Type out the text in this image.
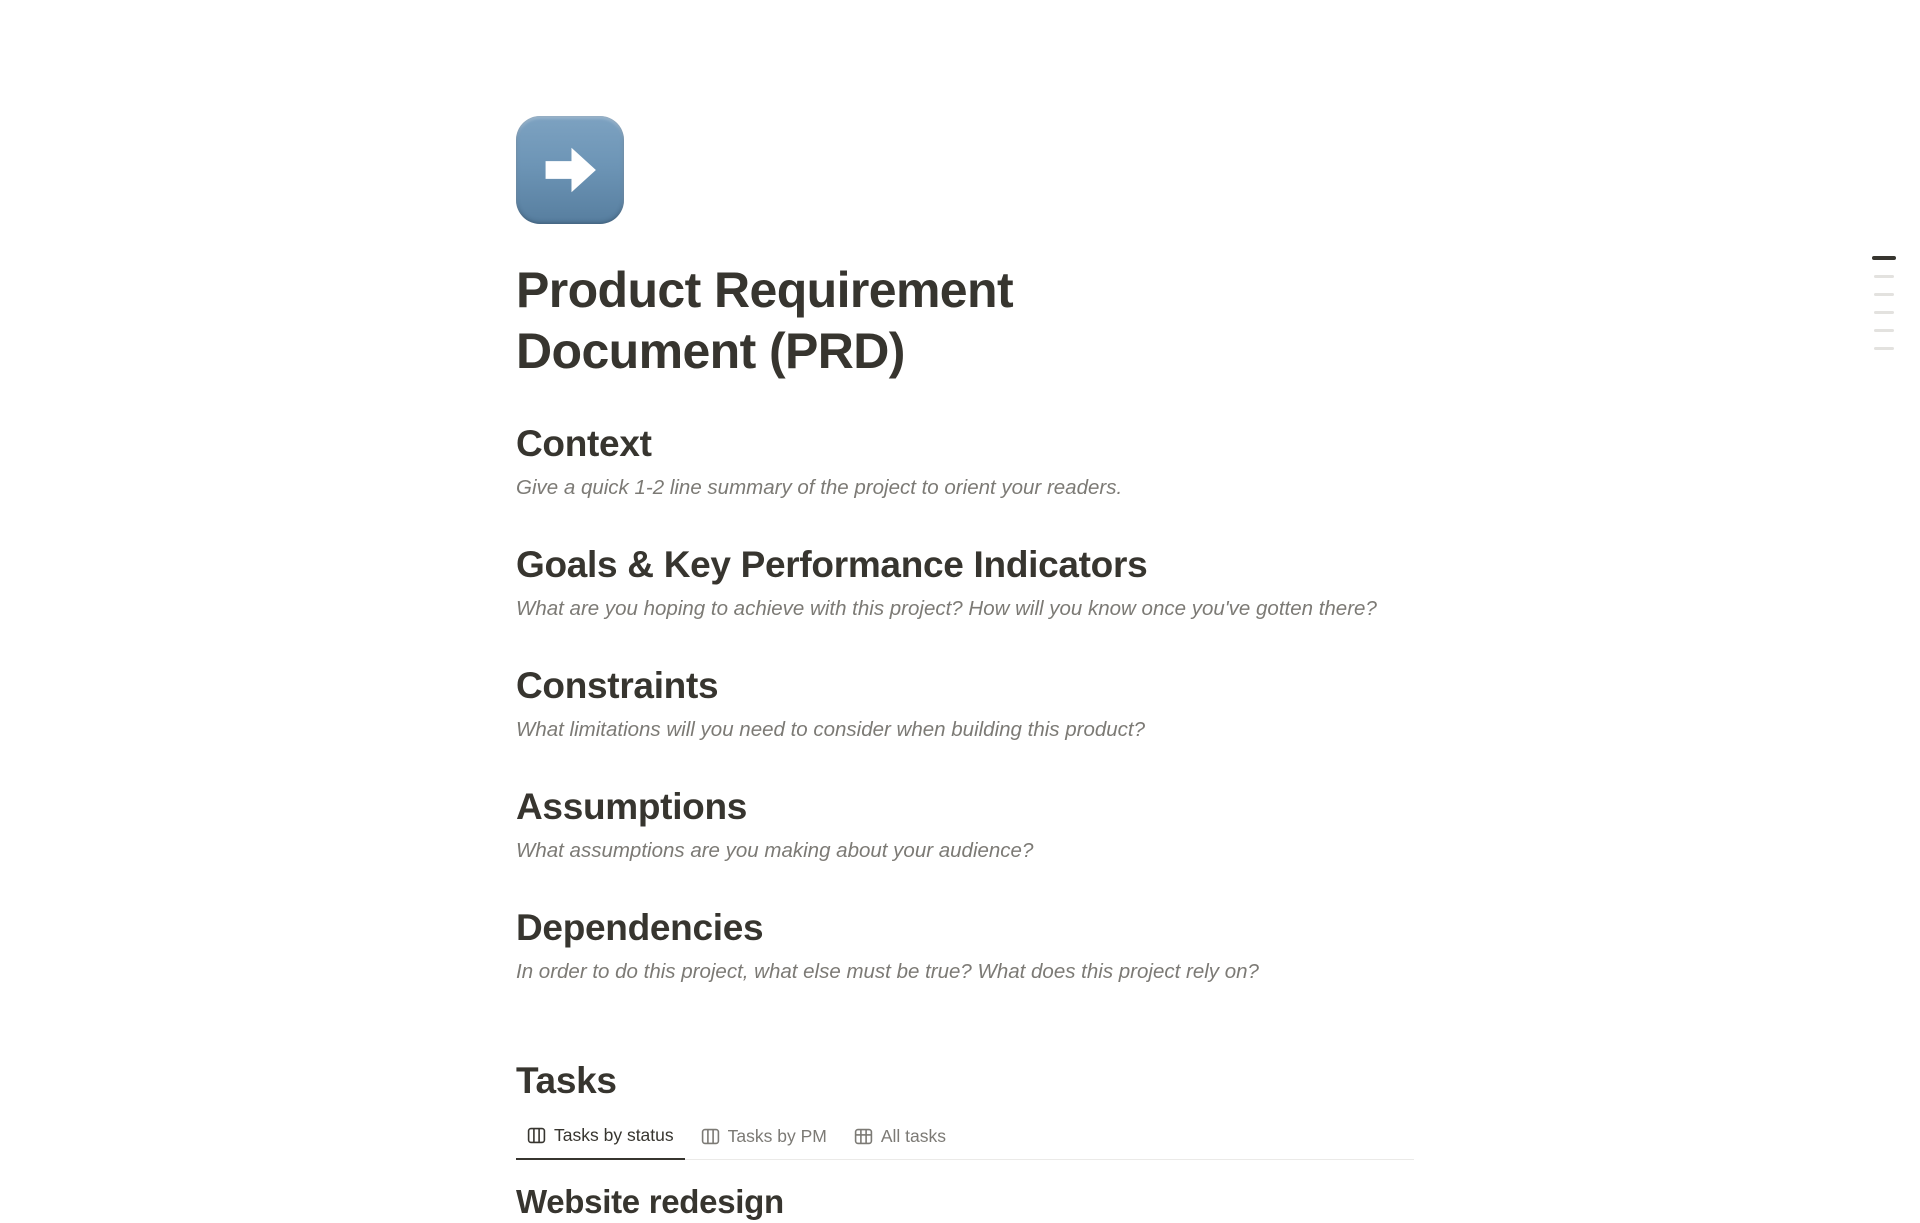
Product Requirement Document (PRD)
Context

Give a quick 1-2 line summary of the project to orient your readers.

Goals & Key Performance Indicators

What are you hoping to achieve with this project? How will you know once you've gotten there?

Constraints

What limitations will you need to consider when building this product?

Assumptions

What assumptions are you making about your audience?

Dependencies

In order to do this project, what else must be true? What does this project rely on?

Tasks
Tasks by status	Tasks by PM	All tasks
Website redesign
